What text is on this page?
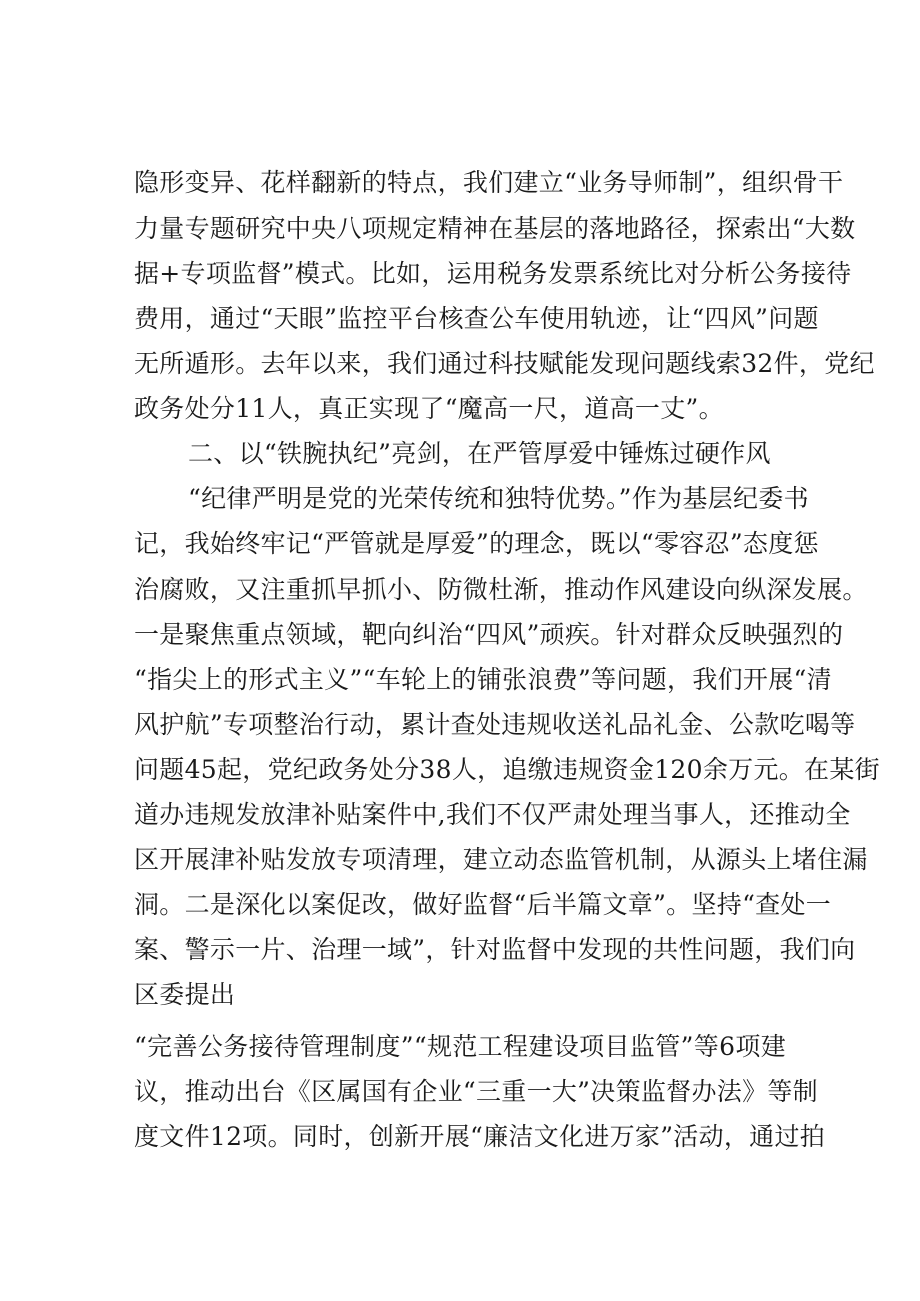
隐形变异、花样翻新的特点，我们建立“业务导师制”，组织骨干

力量专题研究中央八项规定精神在基层的落地路径，探索出“大数

据+专项监督”模式。比如，运用税务发票系统比对分析公务接待

费用，通过“天眼”监控平台核查公车使用轨迹，让“四风”问题

无所遁形。去年以来，我们通过科技赋能发现问题线索32件，党纪

政务处分11人，真正实现了“魔高一尺，道高一丈”。

二、以“铁腕执纪”亮剑，在严管厚爱中锤炼过硬作风

“纪律严明是党的光荣传统和独特优势。”作为基层纪委书

记，我始终牢记“严管就是厚爱”的理念，既以“零容忍”态度惩

治腐败，又注重抓早抓小、防微杜渐，推动作风建设向纵深发展。

一是聚焦重点领域，靶向纠治“四风”顽疾。针对群众反映强烈的

“指尖上的形式主义”“车轮上的铺张浪费”等问题，我们开展“清

风护航”专项整治行动，累计查处违规收送礼品礼金、公款吃喝等

问题45起，党纪政务处分38人，追缴违规资金120余万元。在某街

道办违规发放津补贴案件中,我们不仅严肃处理当事人，还推动全

区开展津补贴发放专项清理，建立动态监管机制，从源头上堵住漏

洞。二是深化以案促改，做好监督“后半篇文章”。坚持“查处一

案、警示一片、治理一域”，针对监督中发现的共性问题，我们向

区委提出

“完善公务接待管理制度”“规范工程建设项目监管”等6项建

议，推动出台《区属国有企业“三重一大”决策监督办法》等制

度文件12项。同时，创新开展“廉洁文化进万家”活动，通过拍
